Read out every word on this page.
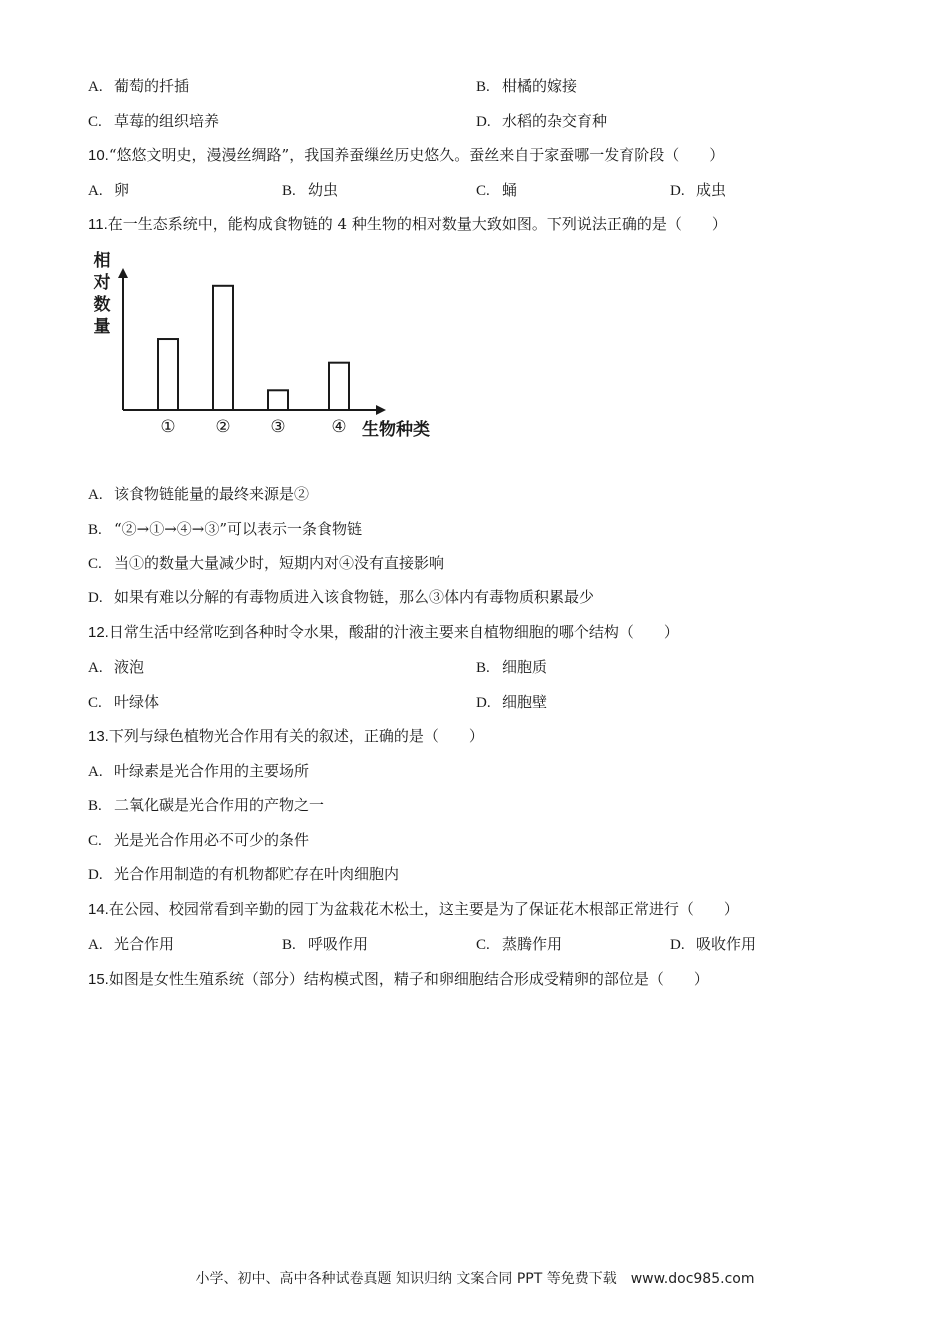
A. 葡萄的扦插	B. 柑橘的嫁接
C. 草莓的组织培养	D. 水稻的杂交育种
10.“悠悠文明史，漫漫丝绸路”，我国养蚕缫丝历史悠久。蚕丝来自于家蚕哪一发育阶段（　　）
A. 卵	B. 幼虫	C. 蛹	D. 成虫
11.在一生态系统中，能构成食物链的 4 种生物的相对数量大致如图。下列说法正确的是（　　）
相
对
数
量
① ② ③	④ 生物种类
A. 该食物链能量的最终来源是②
B. “②→①→④→③”可以表示一条食物链
C. 当①的数量大量减少时，短期内对④没有直接影响
D. 如果有难以分解的有毒物质进入该食物链，那么③体内有毒物质积累最少
12.日常生活中经常吃到各种时令水果，酸甜的汁液主要来自植物细胞的哪个结构（　　）
A. 液泡	B. 细胞质
C. 叶绿体	D. 细胞壁
13.下列与绿色植物光合作用有关的叙述，正确的是（　　）
A. 叶绿素是光合作用的主要场所
B. 二氧化碳是光合作用的产物之一
C. 光是光合作用必不可少的条件
D. 光合作用制造的有机物都贮存在叶肉细胞内
14.在公园、校园常看到辛勤的园丁为盆栽花木松土，这主要是为了保证花木根部正常进行（　　）
A. 光合作用	B. 呼吸作用	C. 蒸腾作用	D. 吸收作用
15.如图是女性生殖系统（部分）结构模式图，精子和卵细胞结合形成受精卵的部位是（　　）
小学、初中、高中各种试卷真题 知识归纳 文案合同 PPT 等免费下载　www.doc985.com
